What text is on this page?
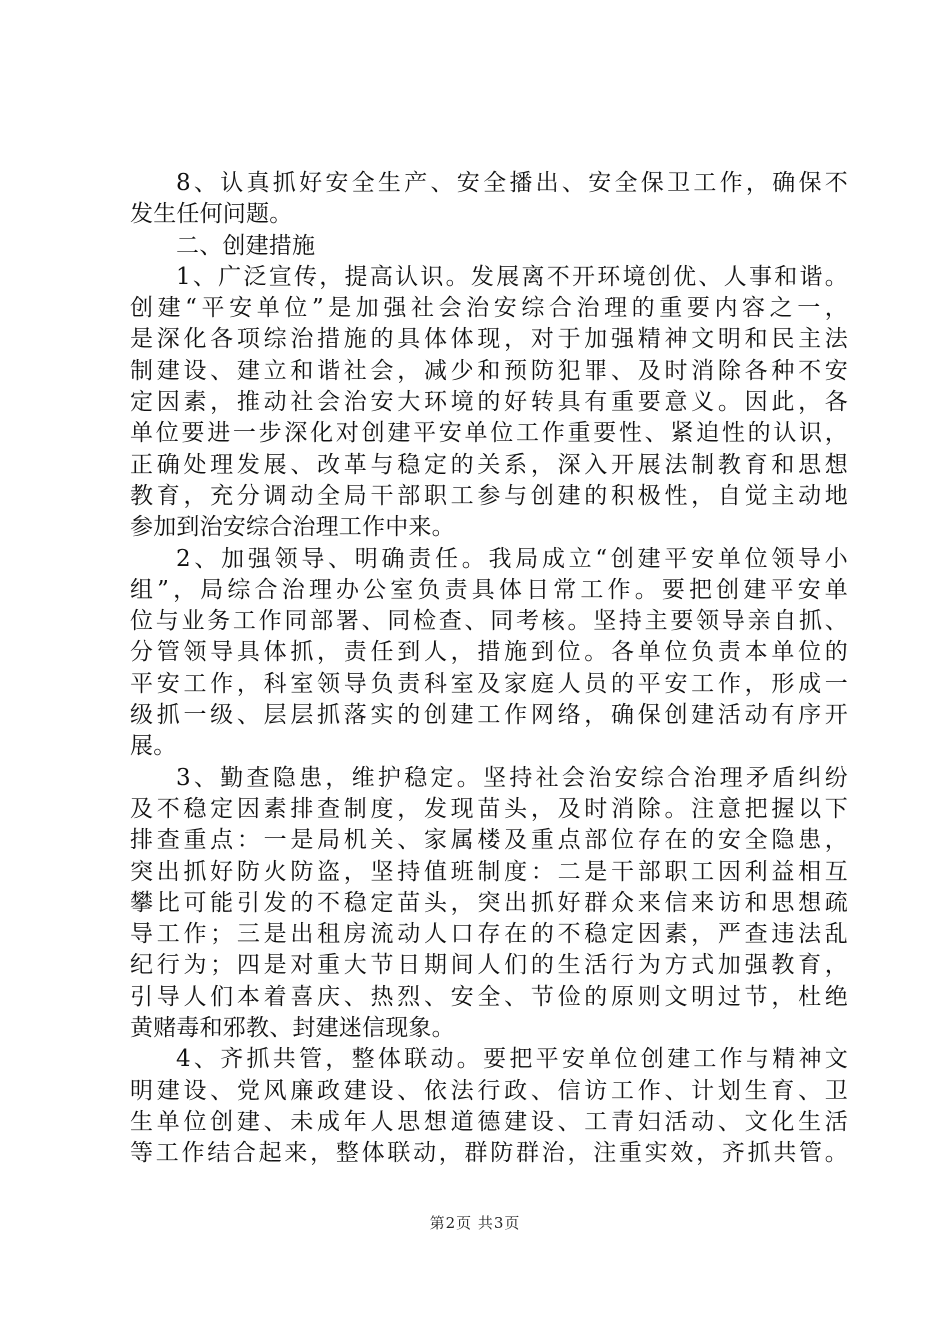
8、认真抓好安全生产、安全播出、安全保卫工作，确保不
发生任何问题。
二、创建措施
1、广泛宣传，提高认识。发展离不开环境创优、人事和谐。
创建“平安单位”是加强社会治安综合治理的重要内容之一，
是深化各项综治措施的具体体现，对于加强精神文明和民主法
制建设、建立和谐社会，减少和预防犯罪、及时消除各种不安
定因素，推动社会治安大环境的好转具有重要意义。因此，各
单位要进一步深化对创建平安单位工作重要性、紧迫性的认识，
正确处理发展、改革与稳定的关系，深入开展法制教育和思想
教育，充分调动全局干部职工参与创建的积极性，自觉主动地
参加到治安综合治理工作中来。
2、加强领导、明确责任。我局成立“创建平安单位领导小
组”，局综合治理办公室负责具体日常工作。要把创建平安单
位与业务工作同部署、同检查、同考核。坚持主要领导亲自抓、
分管领导具体抓，责任到人，措施到位。各单位负责本单位的
平安工作，科室领导负责科室及家庭人员的平安工作，形成一
级抓一级、层层抓落实的创建工作网络，确保创建活动有序开
展。
3、勤查隐患，维护稳定。坚持社会治安综合治理矛盾纠纷
及不稳定因素排查制度，发现苗头，及时消除。注意把握以下
排查重点：一是局机关、家属楼及重点部位存在的安全隐患，
突出抓好防火防盗，坚持值班制度：二是干部职工因利益相互
攀比可能引发的不稳定苗头，突出抓好群众来信来访和思想疏
导工作；三是出租房流动人口存在的不稳定因素，严查违法乱
纪行为；四是对重大节日期间人们的生活行为方式加强教育，
引导人们本着喜庆、热烈、安全、节俭的原则文明过节，杜绝
黄赌毒和邪教、封建迷信现象。
4、齐抓共管，整体联动。要把平安单位创建工作与精神文
明建设、党风廉政建设、依法行政、信访工作、计划生育、卫
生单位创建、未成年人思想道德建设、工青妇活动、文化生活
等工作结合起来，整体联动，群防群治，注重实效，齐抓共管。
第2页 共3页
